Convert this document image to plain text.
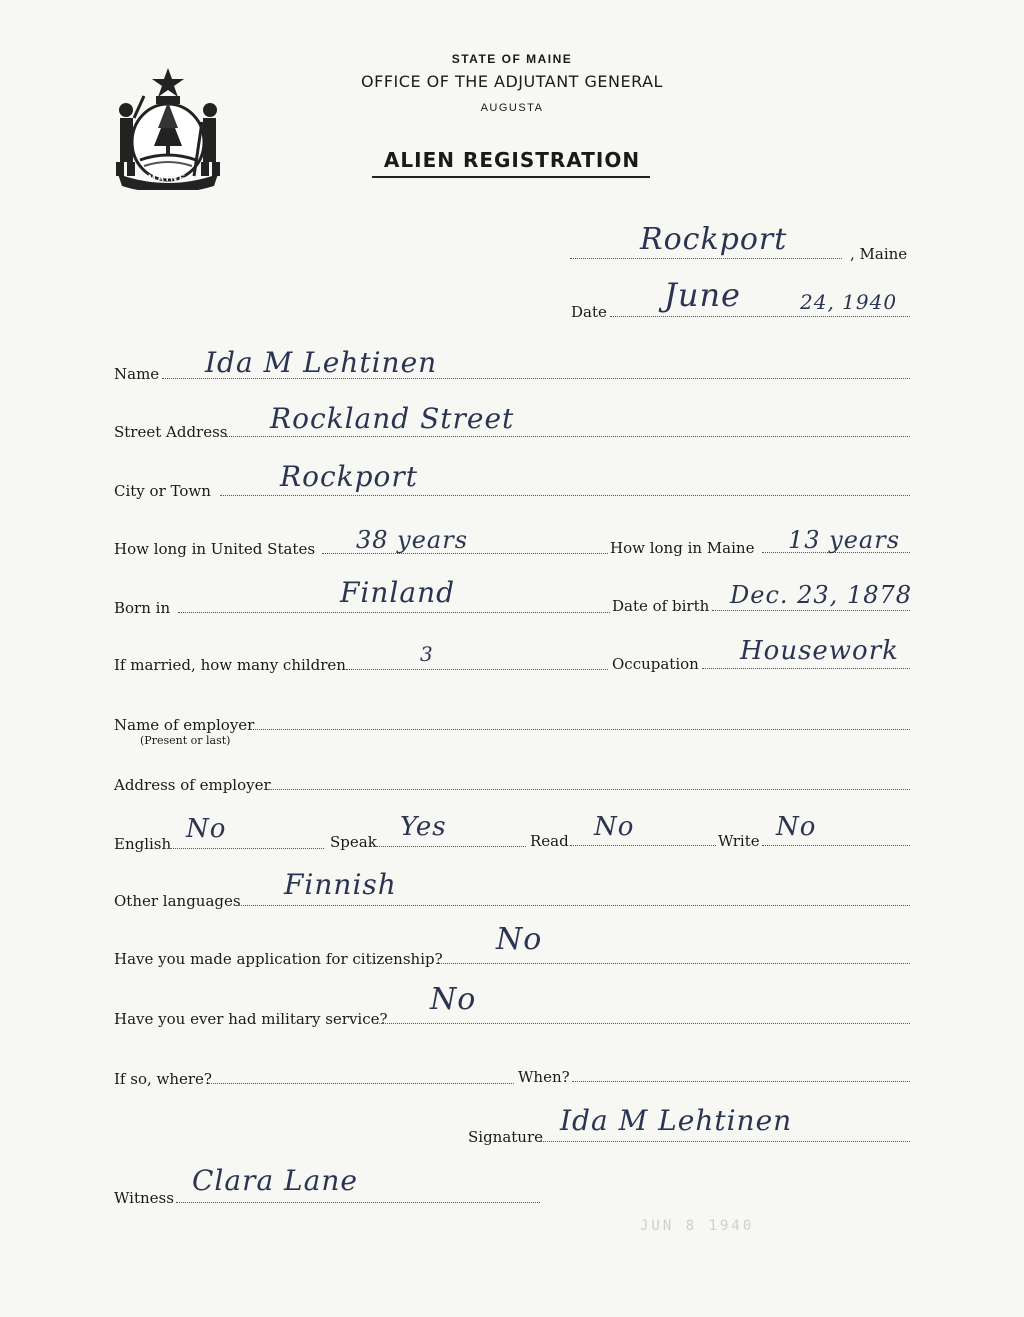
MAINE
STATE OF MAINE
OFFICE OF THE ADJUTANT GENERAL
AUGUSTA
ALIEN REGISTRATION
Rockport	, Maine
Date June	24, 1940
Name Ida M Lehtinen
Street Address Rockland Street
City or Town Rockport
How long in United States 38 years	How long in Maine 13 years
Born in	Finland	Date of birth Dec. 23, 1878
If married, how many children	3	Occupation Housework
Name of employer
(Present or last)
Address of employer
English No	Speak Yes	Read No	Write No
Other languages Finnish
Have you made application for citizenship?
No
Have you ever had military service?
No
If so, where?	When?
Signature Ida M Lehtinen
Witness
Clara Lane
JUN 8 1940
